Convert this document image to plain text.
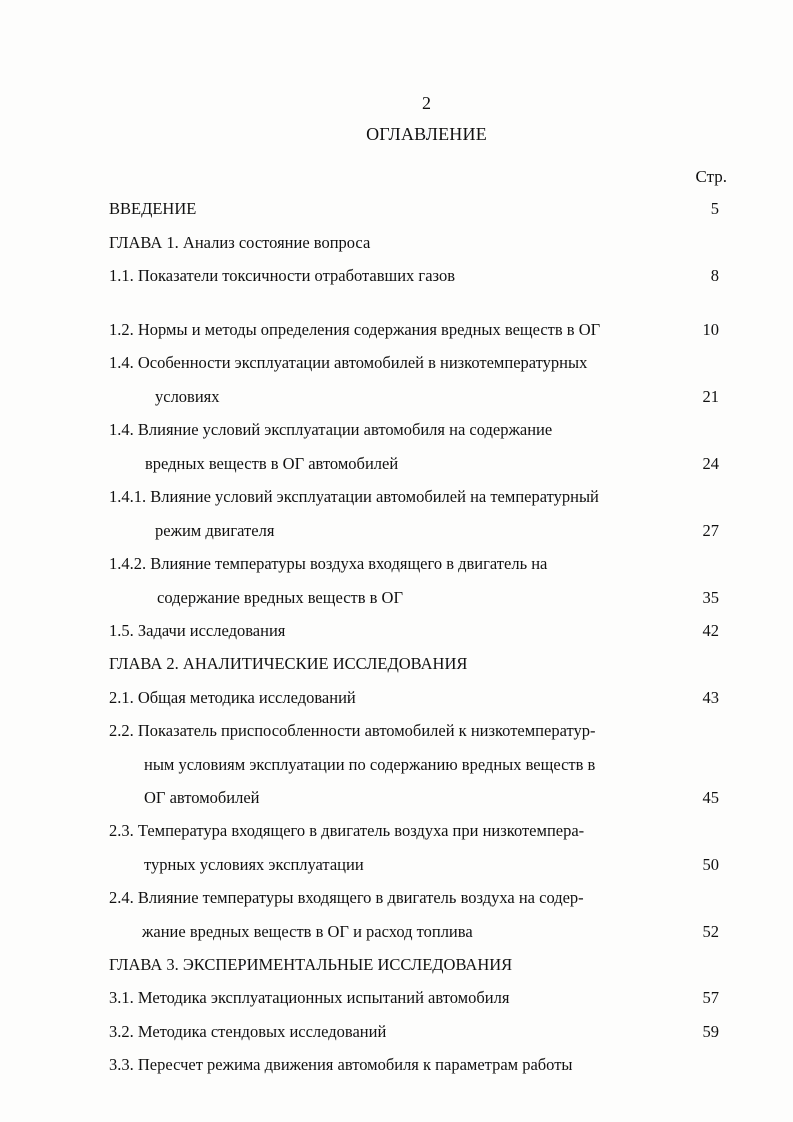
2
ОГЛАВЛЕНИЕ
Стр.
ВВЕДЕНИЕ	5
ГЛАВА 1. Анализ состояние вопроса
1.1. Показатели токсичности отработавших газов	8
1.2. Нормы и методы определения содержания вредных веществ в ОГ	10
1.4. Особенности эксплуатации автомобилей в низкотемпературных
условиях	21
1.4. Влияние условий эксплуатации автомобиля на содержание
вредных веществ в ОГ автомобилей	24
1.4.1. Влияние условий эксплуатации автомобилей на температурный
режим двигателя	27
1.4.2. Влияние температуры воздуха входящего в двигатель на
содержание вредных веществ в ОГ	35
1.5. Задачи исследования	42
ГЛАВА 2. АНАЛИТИЧЕСКИЕ ИССЛЕДОВАНИЯ
2.1. Общая методика исследований	43
2.2. Показатель приспособленности автомобилей к низкотемператур-
ным условиям эксплуатации по содержанию вредных веществ в
ОГ автомобилей	45
2.3. Температура входящего в двигатель воздуха при низкотемпера-
турных условиях эксплуатации	50
2.4. Влияние температуры входящего в двигатель воздуха на содер-
жание вредных веществ в ОГ и расход топлива	52
ГЛАВА 3. ЭКСПЕРИМЕНТАЛЬНЫЕ ИССЛЕДОВАНИЯ
3.1. Методика эксплуатационных испытаний автомобиля	57
3.2. Методика стендовых исследований	59
3.3. Пересчет режима движения автомобиля к параметрам работы
